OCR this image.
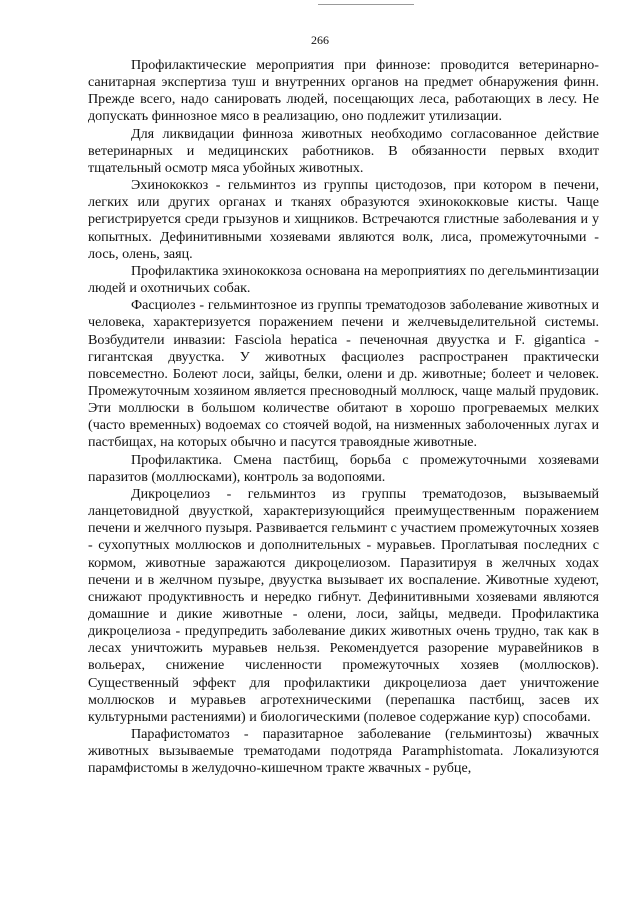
266

Профилактические мероприятия при финнозе: проводится ветеринарно-санитарная экспертиза туш и внутренних органов на предмет обнаружения финн. Прежде всего, надо санировать людей, посещающих леса, работающих в лесу. Не допускать финнозное мясо в реализацию, оно подлежит утилизации.

Для ликвидации финноза животных необходимо согласованное действие ветеринарных и медицинских работников. В обязанности первых входит тщательный осмотр мяса убойных животных.

Эхинококкоз - гельминтоз из группы цистодозов, при котором в печени, легких или других органах и тканях образуются эхинококковые кисты. Чаще регистрируется среди грызунов и хищников. Встречаются глистные заболевания и у копытных. Дефинитивными хозяевами являются волк, лиса, промежуточными - лось, олень, заяц.

Профилактика эхинококкоза основана на мероприятиях по дегельминтизации людей и охотничьих собак.

Фасциолез - гельминтозное из группы трематодозов заболевание животных и человека, характеризуется поражением печени и желчевыделительной системы. Возбудители инвазии: Fasciola hepatica - печеночная двуустка и F. gigantica - гигантская двуустка. У животных фасциолез распространен практически повсеместно. Болеют лоси, зайцы, белки, олени и др. животные; болеет и человек. Промежуточным хозяином является пресноводный моллюск, чаще малый прудовик. Эти моллюски в большом количестве обитают в хорошо прогреваемых мелких (часто временных) водоемах со стоячей водой, на низменных заболоченных лугах и пастбищах, на которых обычно и пасутся травоядные животные.

Профилактика. Смена пастбищ, борьба с промежуточными хозяевами паразитов (моллюсками), контроль за водопоями.

Дикроцелиоз - гельминтоз из группы трематодозов, вызываемый ланцетовидной двуусткой, характеризующийся преимущественным поражением печени и желчного пузыря. Развивается гельминт с участием промежуточных хозяев - сухопутных моллюсков и дополнительных - муравьев. Проглатывая последних с кормом, животные заражаются дикроцелиозом. Паразитируя в желчных ходах печени и в желчном пузыре, двуустка вызывает их воспаление. Животные худеют, снижают продуктивность и нередко гибнут. Дефинитивными хозяевами являются домашние и дикие животные - олени, лоси, зайцы, медведи. Профилактика дикроцелиоза - предупредить заболевание диких животных очень трудно, так как в лесах уничтожить муравьев нельзя. Рекомендуется разорение муравейников в вольерах, снижение численности промежуточных хозяев (моллюсков). Существенный эффект для профилактики дикроцелиоза дает уничтожение моллюсков и муравьев агротехническими (перепашка пастбищ, засев их культурными растениями) и биологическими (полевое содержание кур) способами.

Парафистоматоз - паразитарное заболевание (гельминтозы) жвачных животных вызываемые трематодами подотряда Paramphistomata. Локализуются парамфистомы в желудочно-кишечном тракте жвачных - рубце,
